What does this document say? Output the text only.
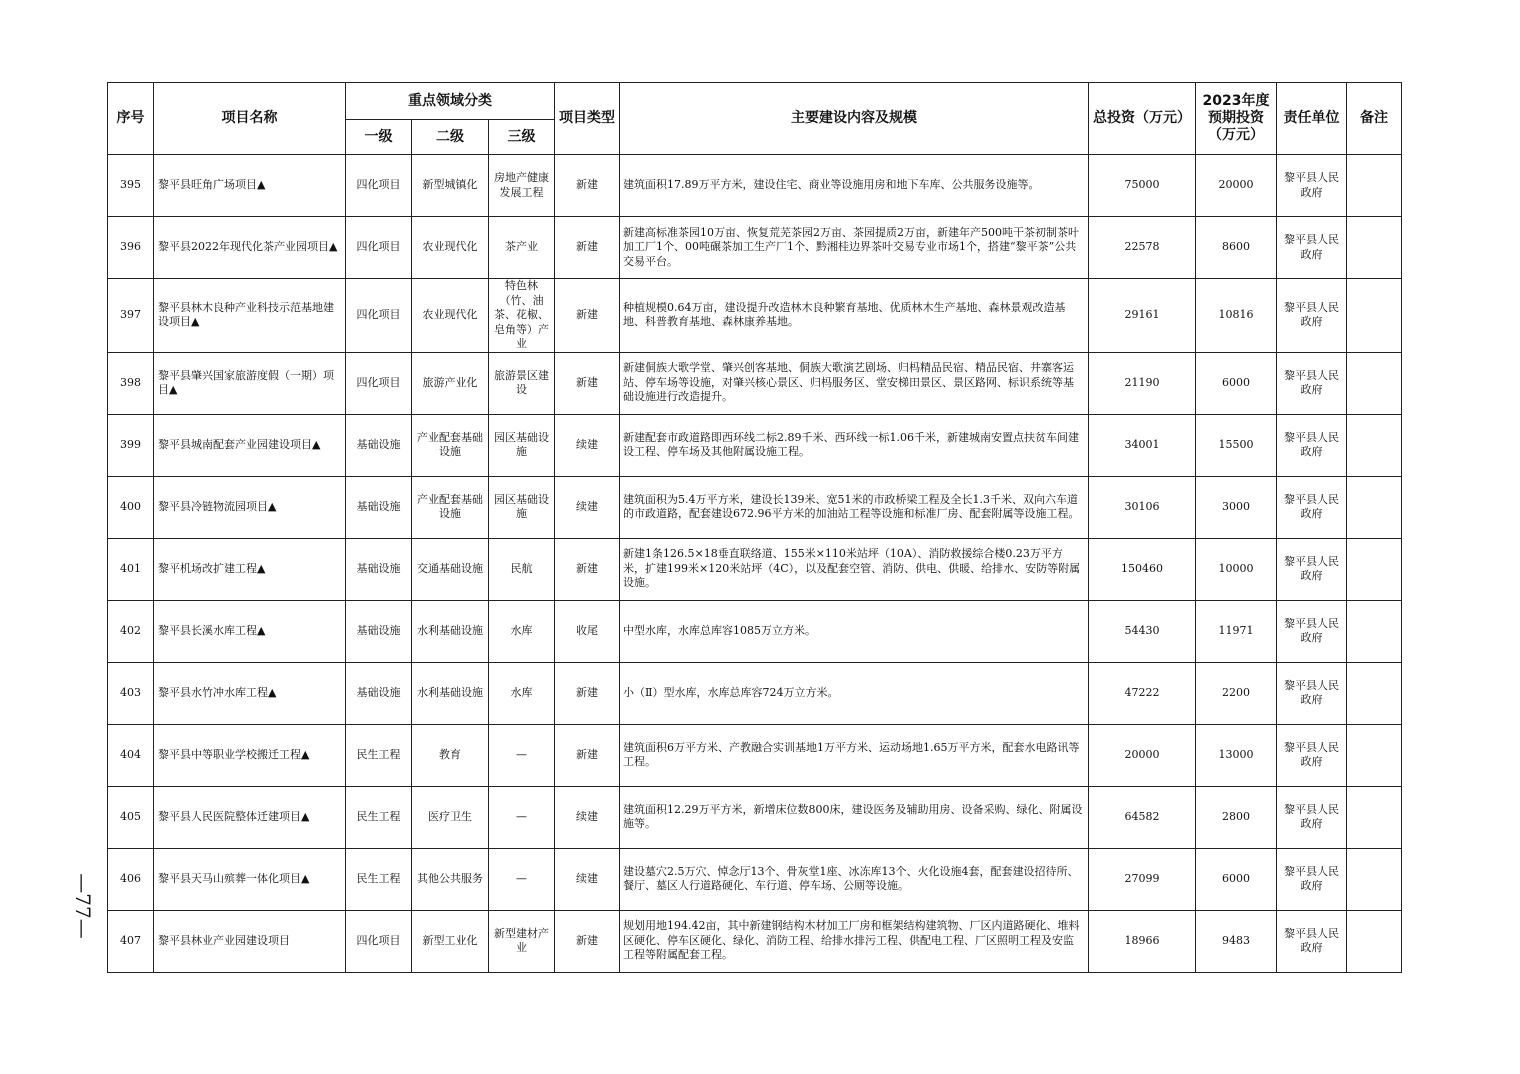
序号	项目名称	重点领域分类			项目类型	主要建设内容及规模	总投资（万元）	2023年度预期投资（万元）	责任单位	备注
		一级	二级	三级						
395	黎平县旺角广场项目▲	四化项目	新型城镇化	房地产健康发展工程	新建	建筑面积17.89万平方米，建设住宅、商业等设施用房和地下车库、公共服务设施等。	75000	20000	黎平县人民政府	
396	黎平县2022年现代化茶产业园项目▲	四化项目	农业现代化	茶产业	新建	新建高标准茶园10万亩、恢复荒芜茶园2万亩、茶园提质2万亩，新建年产500吨干茶初制茶叶加工厂1个、00吨碾茶加工生产厂1个、黔湘桂边界茶叶交易专业市场1个，搭建“黎平茶”公共交易平台。	22578	8600	黎平县人民政府	
397	黎平县林木良种产业科技示范基地建设项目▲	四化项目	农业现代化	特色林（竹、油茶、花椒、皂角等）产业	新建	种植规模0.64万亩，建设提升改造林木良种繁育基地、优质林木生产基地、森林景观改造基地、科普教育基地、森林康养基地。	29161	10816	黎平县人民政府	
398	黎平县肇兴国家旅游度假（一期）项目▲	四化项目	旅游产业化	旅游景区建设	新建	新建侗族大歌学堂、肇兴创客基地、侗族大歌演艺剧场、归杩精品民宿、精品民宿、井寨客运站、停车场等设施，对肇兴核心景区、归杩服务区、堂安梯田景区、景区路网、标识系统等基础设施进行改造提升。	21190	6000	黎平县人民政府	
399	黎平县城南配套产业园建设项目▲	基础设施	产业配套基础设施	园区基础设施	续建	新建配套市政道路即西环线二标2.89千米、西环线一标1.06千米，新建城南安置点扶贫车间建设工程、停车场及其他附属设施工程。	34001	15500	黎平县人民政府	
400	黎平县冷链物流园项目▲	基础设施	产业配套基础设施	园区基础设施	续建	建筑面积为5.4万平方米，建设长139米、宽51米的市政桥梁工程及全长1.3千米、双向六车道的市政道路，配套建设672.96平方米的加油站工程等设施和标准厂房、配套附属等设施工程。	30106	3000	黎平县人民政府	
401	黎平机场改扩建工程▲	基础设施	交通基础设施	民航	新建	新建1条126.5×18垂直联络道、155米×110米站坪（10A）、消防救援综合楼0.23万平方米，扩建199米×120米站坪（4C），以及配套空管、消防、供电、供暖、给排水、安防等附属设施。	150460	10000	黎平县人民政府	
402	黎平县长溪水库工程▲	基础设施	水利基础设施	水库	收尾	中型水库，水库总库容1085万立方米。	54430	11971	黎平县人民政府	
403	黎平县水竹冲水库工程▲	基础设施	水利基础设施	水库	新建	小（Ⅱ）型水库，水库总库容724万立方米。	47222	2200	黎平县人民政府	
404	黎平县中等职业学校搬迁工程▲	民生工程	教育	—	新建	建筑面积6万平方米、产教融合实训基地1万平方米、运动场地1.65万平方米，配套水电路讯等工程。	20000	13000	黎平县人民政府	
405	黎平县人民医院整体迁建项目▲	民生工程	医疗卫生	—	续建	建筑面积12.29万平方米，新增床位数800床，建设医务及辅助用房、设备采购、绿化、附属设施等。	64582	2800	黎平县人民政府	
406	黎平县天马山殡葬一体化项目▲	民生工程	其他公共服务	—	续建	建设墓穴2.5万穴、悼念厅13个、骨灰堂1座、冰冻库13个、火化设施4套，配套建设招待所、餐厅、墓区人行道路硬化、车行道、停车场、公厕等设施。	27099	6000	黎平县人民政府	
407	黎平县林业产业园建设项目	四化项目	新型工业化	新型建材产业	新建	规划用地194.42亩，其中新建钢结构木材加工厂房和框架结构建筑物、厂区内道路硬化、堆料区硬化、停车区硬化、绿化、消防工程、给排水排污工程、供配电工程、厂区照明工程及安监工程等附属配套工程。	18966	9483	黎平县人民政府	
—77—
